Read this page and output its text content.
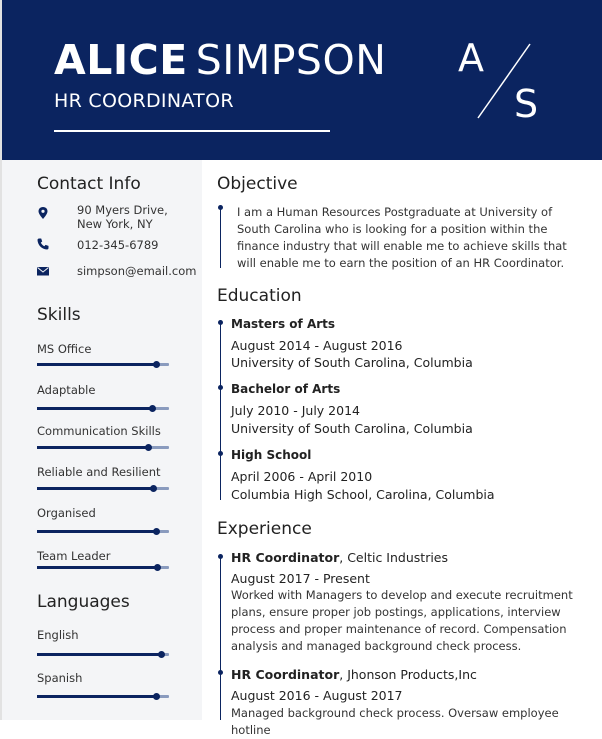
ALICE SIMPSON
HR COORDINATOR
A
S
Contact Info
90 Myers Drive,
New York, NY
012-345-6789
simpson@email.com
Skills
MS Office
Adaptable
Communication Skills
Reliable and Resilient
Organised
Team Leader
Languages
English
Spanish
Objective
I am a Human Resources Postgraduate at University of South Carolina who is looking for a position within the finance industry that will enable me to achieve skills that will enable me to earn the position of an HR Coordinator.
Education
Masters of Arts
August 2014 - August 2016
University of South Carolina, Columbia
Bachelor of Arts
July 2010 - July 2014
University of South Carolina, Columbia
High School
April 2006 - April 2010
Columbia High School, Carolina, Columbia
Experience
HR Coordinator, Celtic Industries
August 2017 - Present
Worked with Managers to develop and execute recruitment plans, ensure proper job postings, applications, interview process and proper maintenance of record. Compensation analysis and managed background check process.
HR Coordinator, Jhonson Products,Inc
August 2016 - August 2017
Managed background check process. Oversaw employee hotline
